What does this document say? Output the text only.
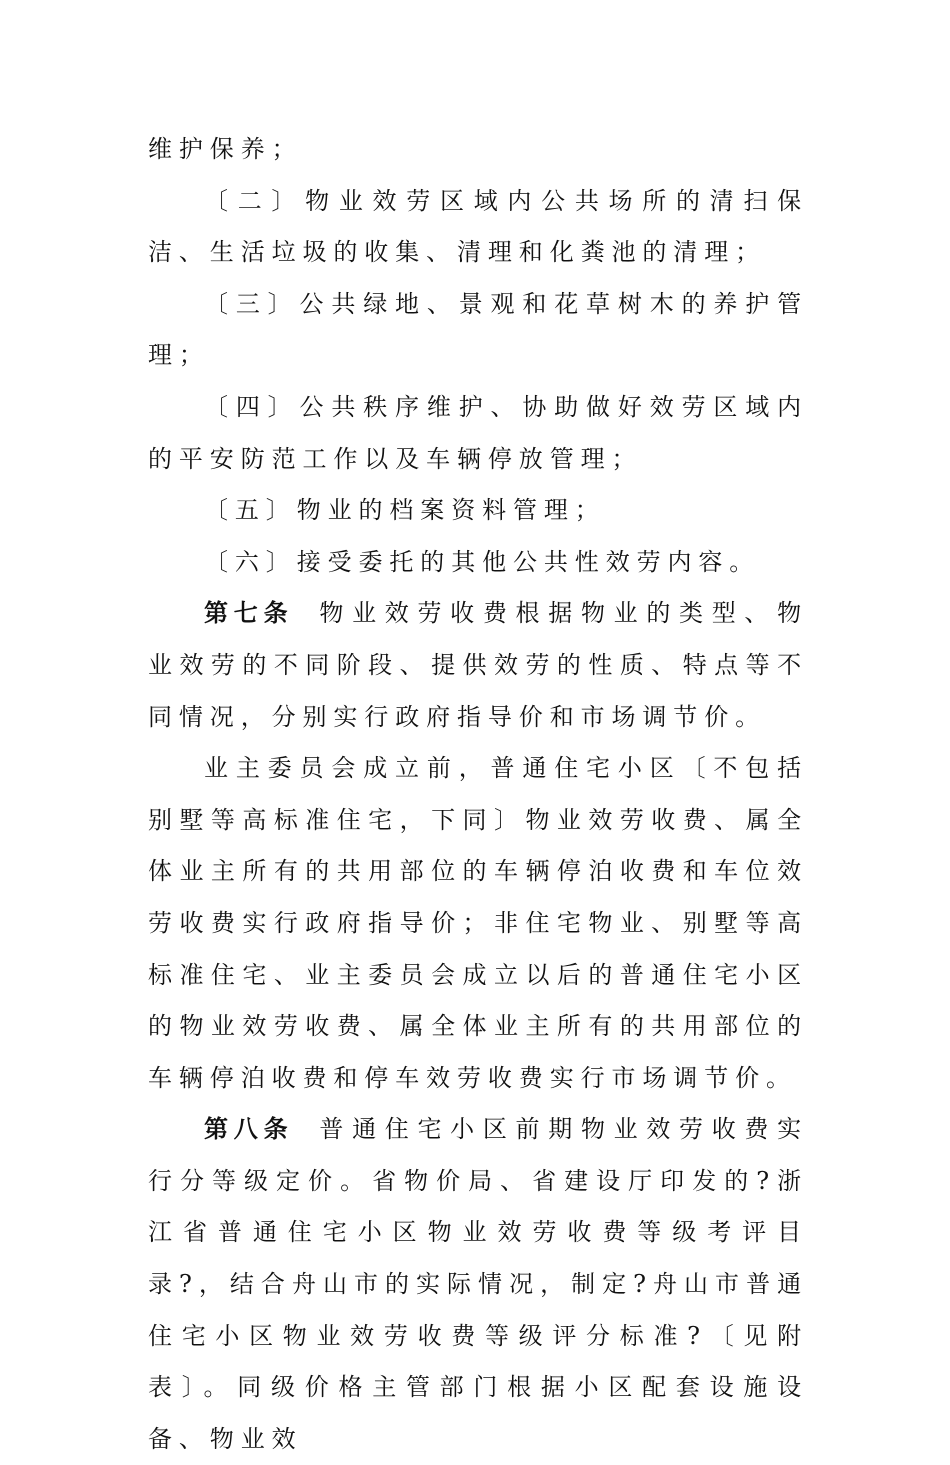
维护保养；

〔二〕物业效劳区域内公共场所的清扫保洁、生活垃圾的收集、清理和化粪池的清理；

〔三〕公共绿地、景观和花草树木的养护管理；

〔四〕公共秩序维护、协助做好效劳区域内的平安防范工作以及车辆停放管理；

〔五〕物业的档案资料管理；

〔六〕接受委托的其他公共性效劳内容。

第七条 物业效劳收费根据物业的类型、物业效劳的不同阶段、提供效劳的性质、特点等不同情况，分别实行政府指导价和市场调节价。

业主委员会成立前，普通住宅小区〔不包括别墅等高标准住宅，下同〕物业效劳收费、属全体业主所有的共用部位的车辆停泊收费和车位效劳收费实行政府指导价；非住宅物业、别墅等高标准住宅、业主委员会成立以后的普通住宅小区的物业效劳收费、属全体业主所有的共用部位的车辆停泊收费和停车效劳收费实行市场调节价。

第八条 普通住宅小区前期物业效劳收费实行分等级定价。省物价局、省建设厅印发的?浙江省普通住宅小区物业效劳收费等级考评目录?，结合舟山市的实际情况，制定?舟山市普通住宅小区物业效劳收费等级评分标准?〔见附表〕。同级价格主管部门根据小区配套设施设备、物业效
